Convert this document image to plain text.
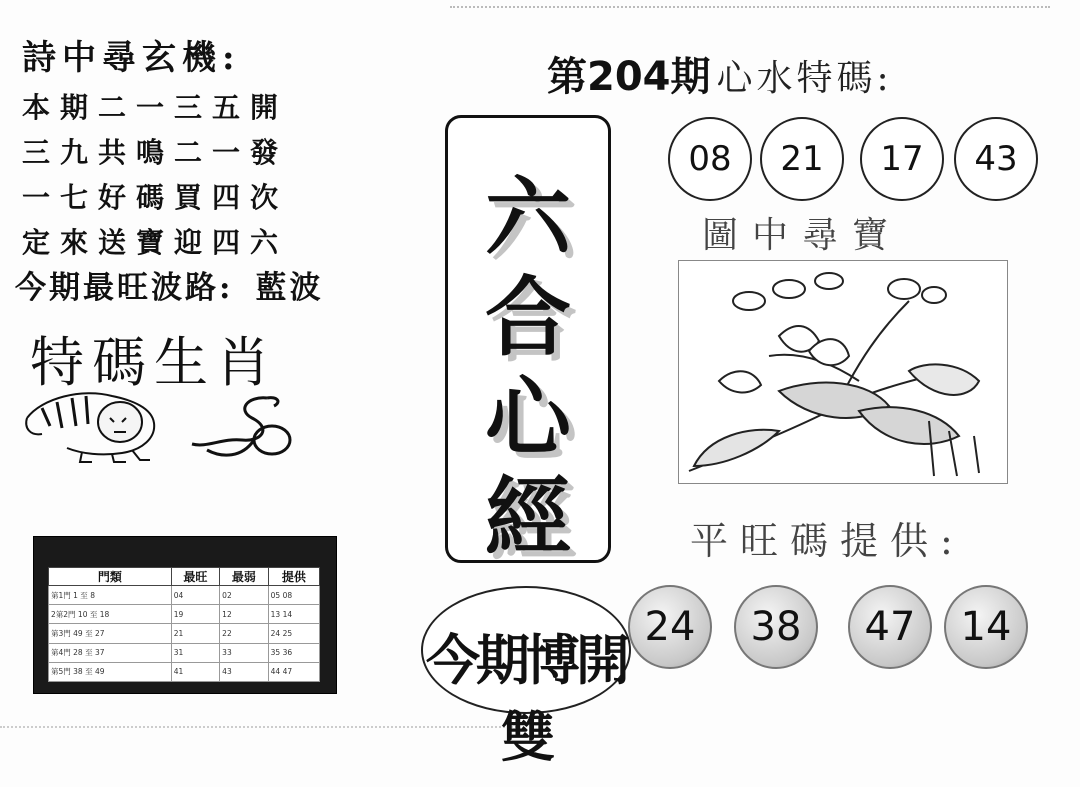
詩中尋玄機:
本期二一三五開
三九共鳴二一發
一七好碼買四次
定來送寶迎四六
今期最旺波路: 藍波
特碼生肖
門類	最旺	最弱	提供
第1門 1 至 8	04	02	05 08
2第2門 10 至 18	19	12	13 14
第3門 49 至 27	21	22	24 25
第4門 28 至 37	31	33	35 36
第5門 38 至 49	41	43	44 47
第204期 心水特碼:
08	21	17	43
六
合
心
經
圖中尋寶
平旺碼提供:
24	38	47	14
今期博開雙
